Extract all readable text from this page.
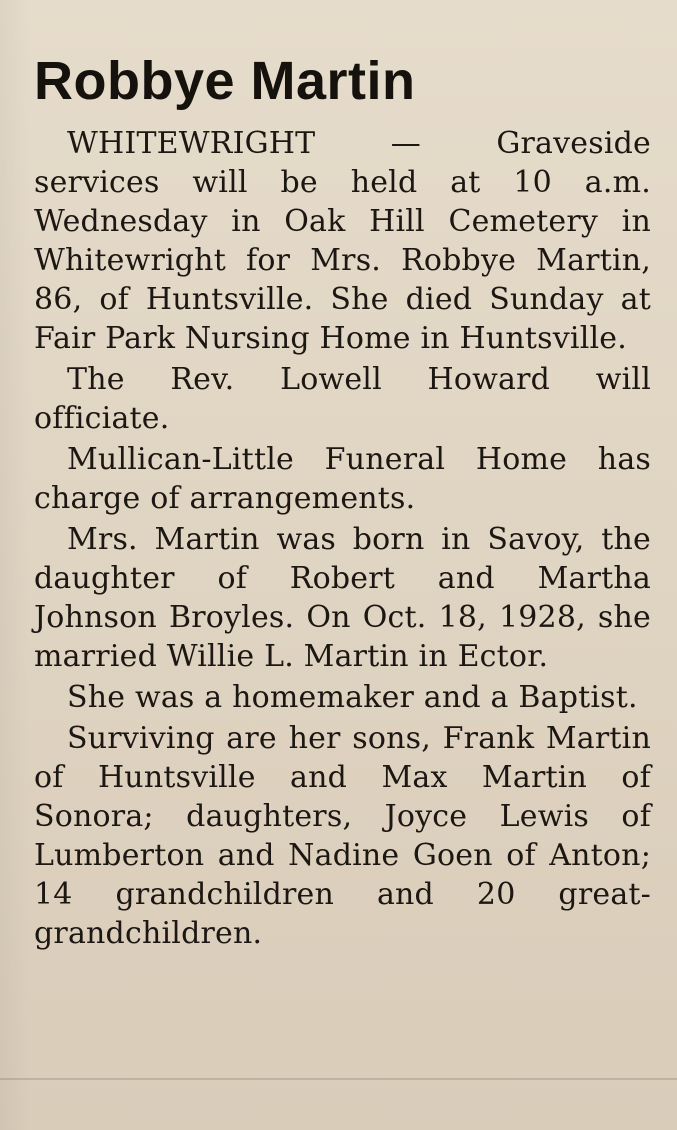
Robbye Martin

WHITEWRIGHT — Graveside services will be held at 10 a.m. Wednesday in Oak Hill Cemetery in Whitewright for Mrs. Robbye Martin, 86, of Huntsville. She died Sunday at Fair Park Nursing Home in Huntsville.

The Rev. Lowell Howard will officiate.

Mullican-Little Funeral Home has charge of arrangements.

Mrs. Martin was born in Savoy, the daughter of Robert and Martha Johnson Broyles. On Oct. 18, 1928, she married Willie L. Martin in Ector.

She was a homemaker and a Baptist.

Surviving are her sons, Frank Martin of Huntsville and Max Martin of Sonora; daughters, Joyce Lewis of Lumberton and Nadine Goen of Anton; 14 grandchildren and 20 great-grandchildren.
